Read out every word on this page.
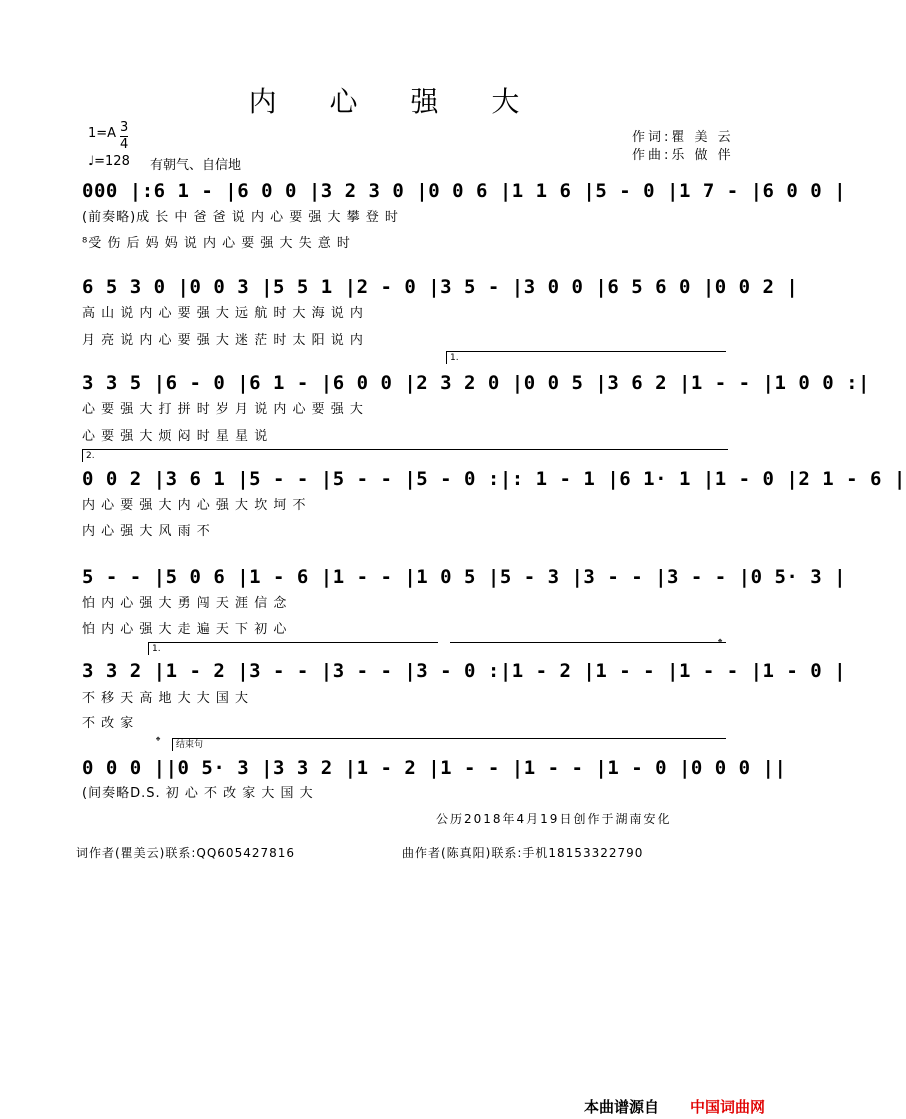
内 心 强 大
1=A 3
4
♩=128 有朝气、自信地
作词:瞿 美 云
作曲:乐 做 伴
000 |:6 1 - |6 0 0 |3 2 3 0 |0 0 6 |1 1 6 |5 - 0 |1 7 - |6 0 0 |
(前奏略)成 长 中 爸 爸 说 内 心 要 强 大 攀 登 时
⁸受 伤 后 妈 妈 说 内 心 要 强 大 失 意 时
6 5 3 0 |0 0 3 |5 5 1 |2 - 0 |3 5 - |3 0 0 |6 5 6 0 |0 0 2 |
高 山 说 内 心 要 强 大 远 航 时 大 海 说 内
月 亮 说 内 心 要 强 大 迷 茫 时 太 阳 说 内
1.
3 3 5 |6 - 0 |6 1 - |6 0 0 |2 3 2 0 |0 0 5 |3 6 2 |1 - - |1 0 0 :|
心 要 强 大 打 拼 时 岁 月 说 内 心 要 强 大
心 要 强 大 烦 闷 时 星 星 说
2.
0 0 2 |3 6 1 |5 - - |5 - - |5 - 0 :|: 1 - 1 |6 1· 1 |1 - 0 |2 1 - 6 |
内 心 要 强 大 内 心 强 大 坎 坷 不
内 心 强 大 风 雨 不
5 - - |5 0 6 |1 - 6 |1 - - |1 0 5 |5 - 3 |3 - - |3 - - |0 5· 3 |
怕 内 心 强 大 勇 闯 天 涯 信 念
怕 内 心 强 大 走 遍 天 下 初 心
1.	𝄌
3 3 2 |1 - 2 |3 - - |3 - - |3 - 0 :|1 - 2 |1 - - |1 - - |1 - 0 |
不 移 天 高 地 大 大 国 大
不 改 家
𝄌	结束句
0 0 0 ||0 5· 3 |3 3 2 |1 - 2 |1 - - |1 - - |1 - 0 |0 0 0 ||
(间奏略D.S. 初 心 不 改 家 大 国 大
公历2018年4月19日创作于湖南安化
词作者(瞿美云)联系:QQ605427816	曲作者(陈真阳)联系:手机18153322790
本曲谱源自 中国词曲网
